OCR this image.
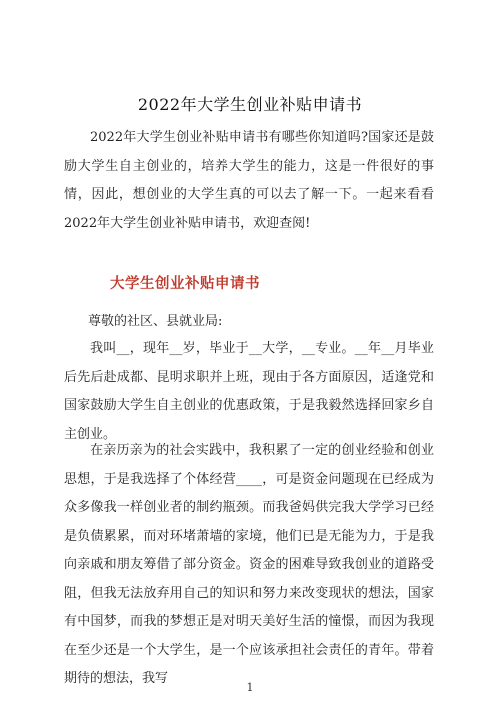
2022年大学生创业补贴申请书

2022年大学生创业补贴申请书有哪些你知道吗?国家还是鼓励大学生自主创业的，培养大学生的能力，这是一件很好的事情，因此，想创业的大学生真的可以去了解一下。一起来看看2022年大学生创业补贴申请书，欢迎查阅!

大学生创业补贴申请书
尊敬的社区、县就业局:

我叫__，现年__岁，毕业于__大学，__专业。__年__月毕业后先后赴成都、昆明求职并上班，现由于各方面原因，适逢党和国家鼓励大学生自主创业的优惠政策，于是我毅然选择回家乡自主创业。

在亲历亲为的社会实践中，我积累了一定的创业经验和创业思想，于是我选择了个体经营____，可是资金问题现在已经成为众多像我一样创业者的制约瓶颈。而我爸妈供完我大学学习已经是负债累累，而对环堵萧墙的家境，他们已是无能为力，于是我向亲戚和朋友筹借了部分资金。资金的困难导致我创业的道路受阻，但我无法放弃用自己的知识和努力来改变现状的想法，国家有中国梦，而我的梦想正是对明天美好生活的憧憬，而因为我现在至少还是一个大学生，是一个应该承担社会责任的青年。带着期待的想法，我写

1
